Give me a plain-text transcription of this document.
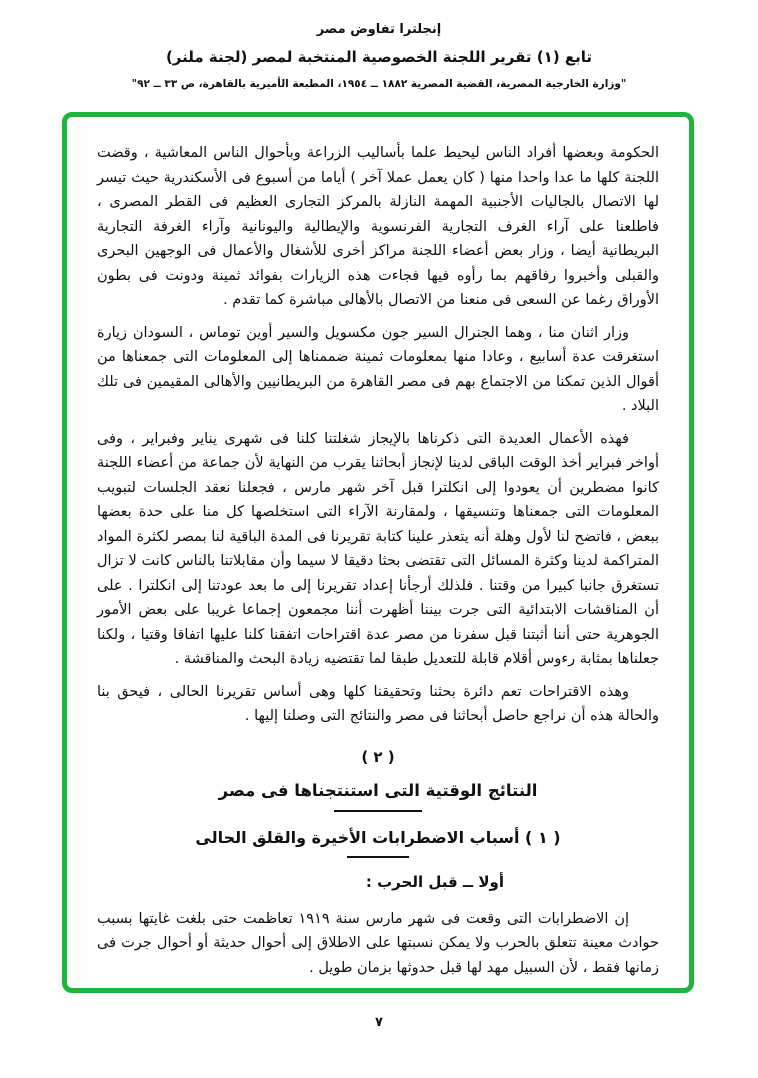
إنجلترا تفاوض مصر
تابع (١) تقرير اللجنة الخصوصية المنتخبة لمصر (لجنة ملنر)
"وزارة الخارجية المصرية، القضية المصرية ١٨٨٢ ــ ١٩٥٤، المطبعة الأميرية بالقاهرة، ص ٣٣ ــ ٩٢"

الحكومة وبعضها أفراد الناس ليحيط علما بأساليب الزراعة وبأحوال الناس المعاشية ، وقضت اللجنة كلها ما عدا واحدا منها ( كان يعمل عملا آخر ) أياما من أسبوع فى الأسكندرية حيث تيسر لها الاتصال بالجاليات الأجنبية المهمة النازلة بالمركز التجارى العظيم فى القطر المصرى ، فاطلعنا على آراء الغرف التجارية الفرنسوية والإيطالية واليونانية وآراء الغرفة التجارية البريطانية أيضا ، وزار بعض أعضاء اللجنة مراكز أخرى للأشغال والأعمال فى الوجهين البحرى والقبلى وأخبروا رفاقهم بما رأوه فيها فجاءت هذه الزيارات بفوائد ثمينة ودونت فى بطون الأوراق رغما عن السعى فى منعنا من الاتصال بالأهالى مباشرة كما تقدم .

وزار اثنان منا ، وهما الجنرال السير جون مكسويل والسير أوين توماس ، السودان زيارة استغرقت عدة أسابيع ، وعادا منها بمعلومات ثمينة ضممناها إلى المعلومات التى جمعناها من أقوال الذين تمكنا من الاجتماع بهم فى مصر القاهرة من البريطانيين والأهالى المقيمين فى تلك البلاد .

فهذه الأعمال العديدة التى ذكرناها بالإيجاز شغلتنا كلنا فى شهرى يناير وفبراير ، وفى أواخر فبراير أخذ الوقت الباقى لدينا لإنجاز أبحاثنا يقرب من النهاية لأن جماعة من أعضاء اللجنة كانوا مضطرين أن يعودوا إلى انكلترا قبل آخر شهر مارس ، فجعلنا نعقد الجلسات لتبويب المعلومات التى جمعناها وتنسيقها ، ولمقارنة الآراء التى استخلصها كل منا على حدة بعضها ببعض ، فاتضح لنا لأول وهلة أنه يتعذر علينا كتابة تقريرنا فى المدة الباقية لنا بمصر لكثرة المواد المتراكمة لدينا وكثرة المسائل التى تقتضى بحثا دقيقا لا سيما وأن مقابلاتنا بالناس كانت لا تزال تستغرق جانبا كبيرا من وقتنا . فلذلك أرجأنا إعداد تقريرنا إلى ما بعد عودتنا إلى انكلترا . على أن المناقشات الابتدائية التى جرت بيننا أظهرت أننا مجمعون إجماعا غريبا على بعض الأمور الجوهرية حتى أننا أثبتنا قبل سفرنا من مصر عدة اقتراحات اتفقنا كلنا عليها اتفاقا وقتيا ، ولكنا جعلناها بمثابة رءوس أقلام قابلة للتعديل طبقا لما تقتضيه زيادة البحث والمناقشة .

وهذه الاقتراحات تعم دائرة بحثنا وتحقيقنا كلها وهى أساس تقريرنا الحالى ، فيحق بنا والحالة هذه أن نراجع حاصل أبحاثنا فى مصر والنتائج التى وصلنا إليها .

( ٢ )
النتائج الوقتية التى استنتجناها فى مصر
( ١ ) أسباب الاضطرابات الأخيرة والقلق الحالى
أولا ــ قبل الحرب :

إن الاضطرابات التى وقعت فى شهر مارس سنة ١٩١٩ تعاظمت حتى بلغت غايتها بسبب حوادث معينة تتعلق بالحرب ولا يمكن نسبتها على الاطلاق إلى أحوال حديثة أو أحوال جرت فى زمانها فقط ، لأن السبيل مهد لها قبل حدوثها بزمان طويل .

٧
